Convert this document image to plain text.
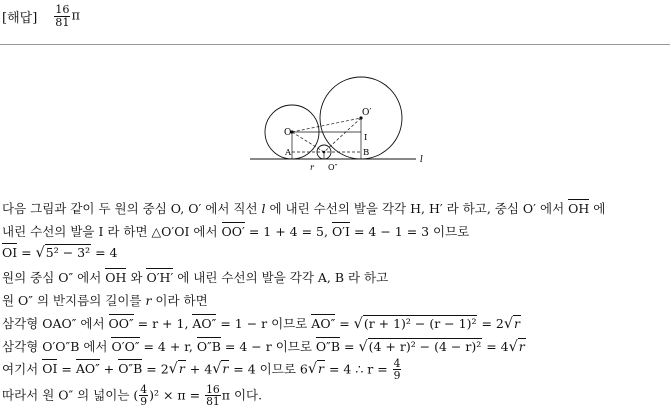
[해답] $\frac{16}{81}$ π
O
O′
O″
A	B
I
r
l
다음 그림과 같이 두 원의 중심 O, O′ 에서 직선 l 에 내린 수선의 발을 각각 H, H′ 라 하고, 중심 O′ 에서 OH 에
내린 수선의 발을 I 라 하면 △O′OI 에서 OO′ = 1 + 4 = 5, O′I = 4 − 1 = 3 이므로
OI = √5² − 3² = 4
원의 중심 O″ 에서 OH 와 O′H′ 에 내린 수선의 발을 각각 A, B 라 하고
원 O″ 의 반지름의 길이를 r 이라 하면
삼각형 OAO″ 에서 OO″ = r + 1, AO″ = 1 − r 이므로 AO″ = √(r + 1)² − (r − 1)² = 2√r
삼각형 O′O″B 에서 O′O″ = 4 + r, O″B = 4 − r 이므로 O″B = √(4 + r)² − (4 − r)² = 4√r
여기서 OI = AO″ + O″B = 2√r + 4√r = 4 이므로 6√r = 4 ∴ $r = \frac{4}{9}$
따라서 원 O″ 의 넓이는 ( $\frac{4}{9} )^2 \times \pi = \frac{16}{81}$ π 이다.
